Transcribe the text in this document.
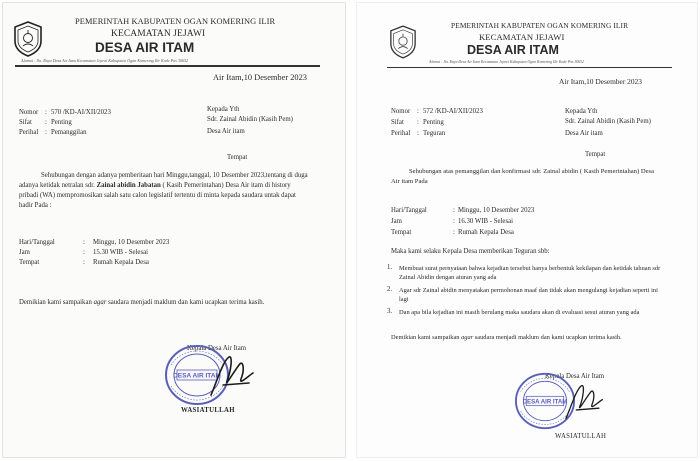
PEMERINTAH KABUPATEN OGAN KOMERING ILIR
KECAMATAN JEJAWI
DESA AIR ITAM
Alamat : Jln. Raya Desa Air Itam Kecamatan Jejawi Kabupaten Ogan Komering Ilir Kode Pos 30652
Air Itam,10 Desember 2023
Nomor : 570 /KD-AI/XII/2023
Sifat : Penting
Perihal : Pemanggilan
Kepada Yth
Sdr. Zainal Abidin (Kasih Pem)
Desa Air itam
Tempat
Sehubungan dengan adanya pemberitaan hari Minggu,tanggal, 10 Desember 2023,tentang di duga adanya ketidak netralan sdr. Zainal abidin Jabatan ( Kasih Pemerintahan) Desa Air itam di history pribadi (WA) mempromosikan salah satu calon legislatif tertentu di minta kepada saudara untak dapat hadir Pada :
Hari/Tanggal	: Minggu, 10 Desember 2023
Jam	: 15.30 WIB - Selesai
Tempat	: Rumah Kepala Desa
Demikian kami sampaikan agar saudara menjadi maklum dan kami ucapkan terima kasih.
Kepala Desa Air Itam
DESA AIR ITAM
WASIATULLAH
PEMERINTAH KABUPATEN OGAN KOMERING ILIR
KECAMATAN JEJAWI
DESA AIR ITAM
Alamat : Jln. Raya Desa Air Itam Kecamatan Jejawi Kabupaten Ogan Komering Ilir Kode Pos 30652
Air Itam,10 Desember 2023
Nomor : 572 /KD-AI/XII/2023
Sifat : Penting
Perihal : Teguran
Kepada Yth
Sdr. Zainal Abidin (Kasih Pem)
Desa Air itam
Tempat
Sehubungan atas pemanggilan dan konfirmasi sdr. Zainal abidin ( Kasih Pemerintahan) Desa Air itam Pada
Hari/Tanggal	: Minggu, 10 Desember 2023
Jam	: 16.30 WIB - Selesai
Tempat	: Rumah Kepala Desa
Maka kami selaku Kepala Desa memberikan Teguran sbb:
1. Membuat surat pernyataan bahwa kejadian tersebut hanya berbentuk kekilapan dan ketidak tahuan sdr Zainal Abidin dengan aturan yang ada
2. Agar sdr Zainal abidin menyatakan permohonan maaf dan tidak akan mengulangi kejadian seperti ini lagi
3. Dan apa bila kejadian ini masih berulang maka saudara akan di evaluasi sesui aturan yang ada
Demikian kami sampaikan agar saudara menjadi maklum dan kami ucapkan terima kasih.
Kepala Desa Air Itam
DESA AIR ITAM
WASIATULLAH
